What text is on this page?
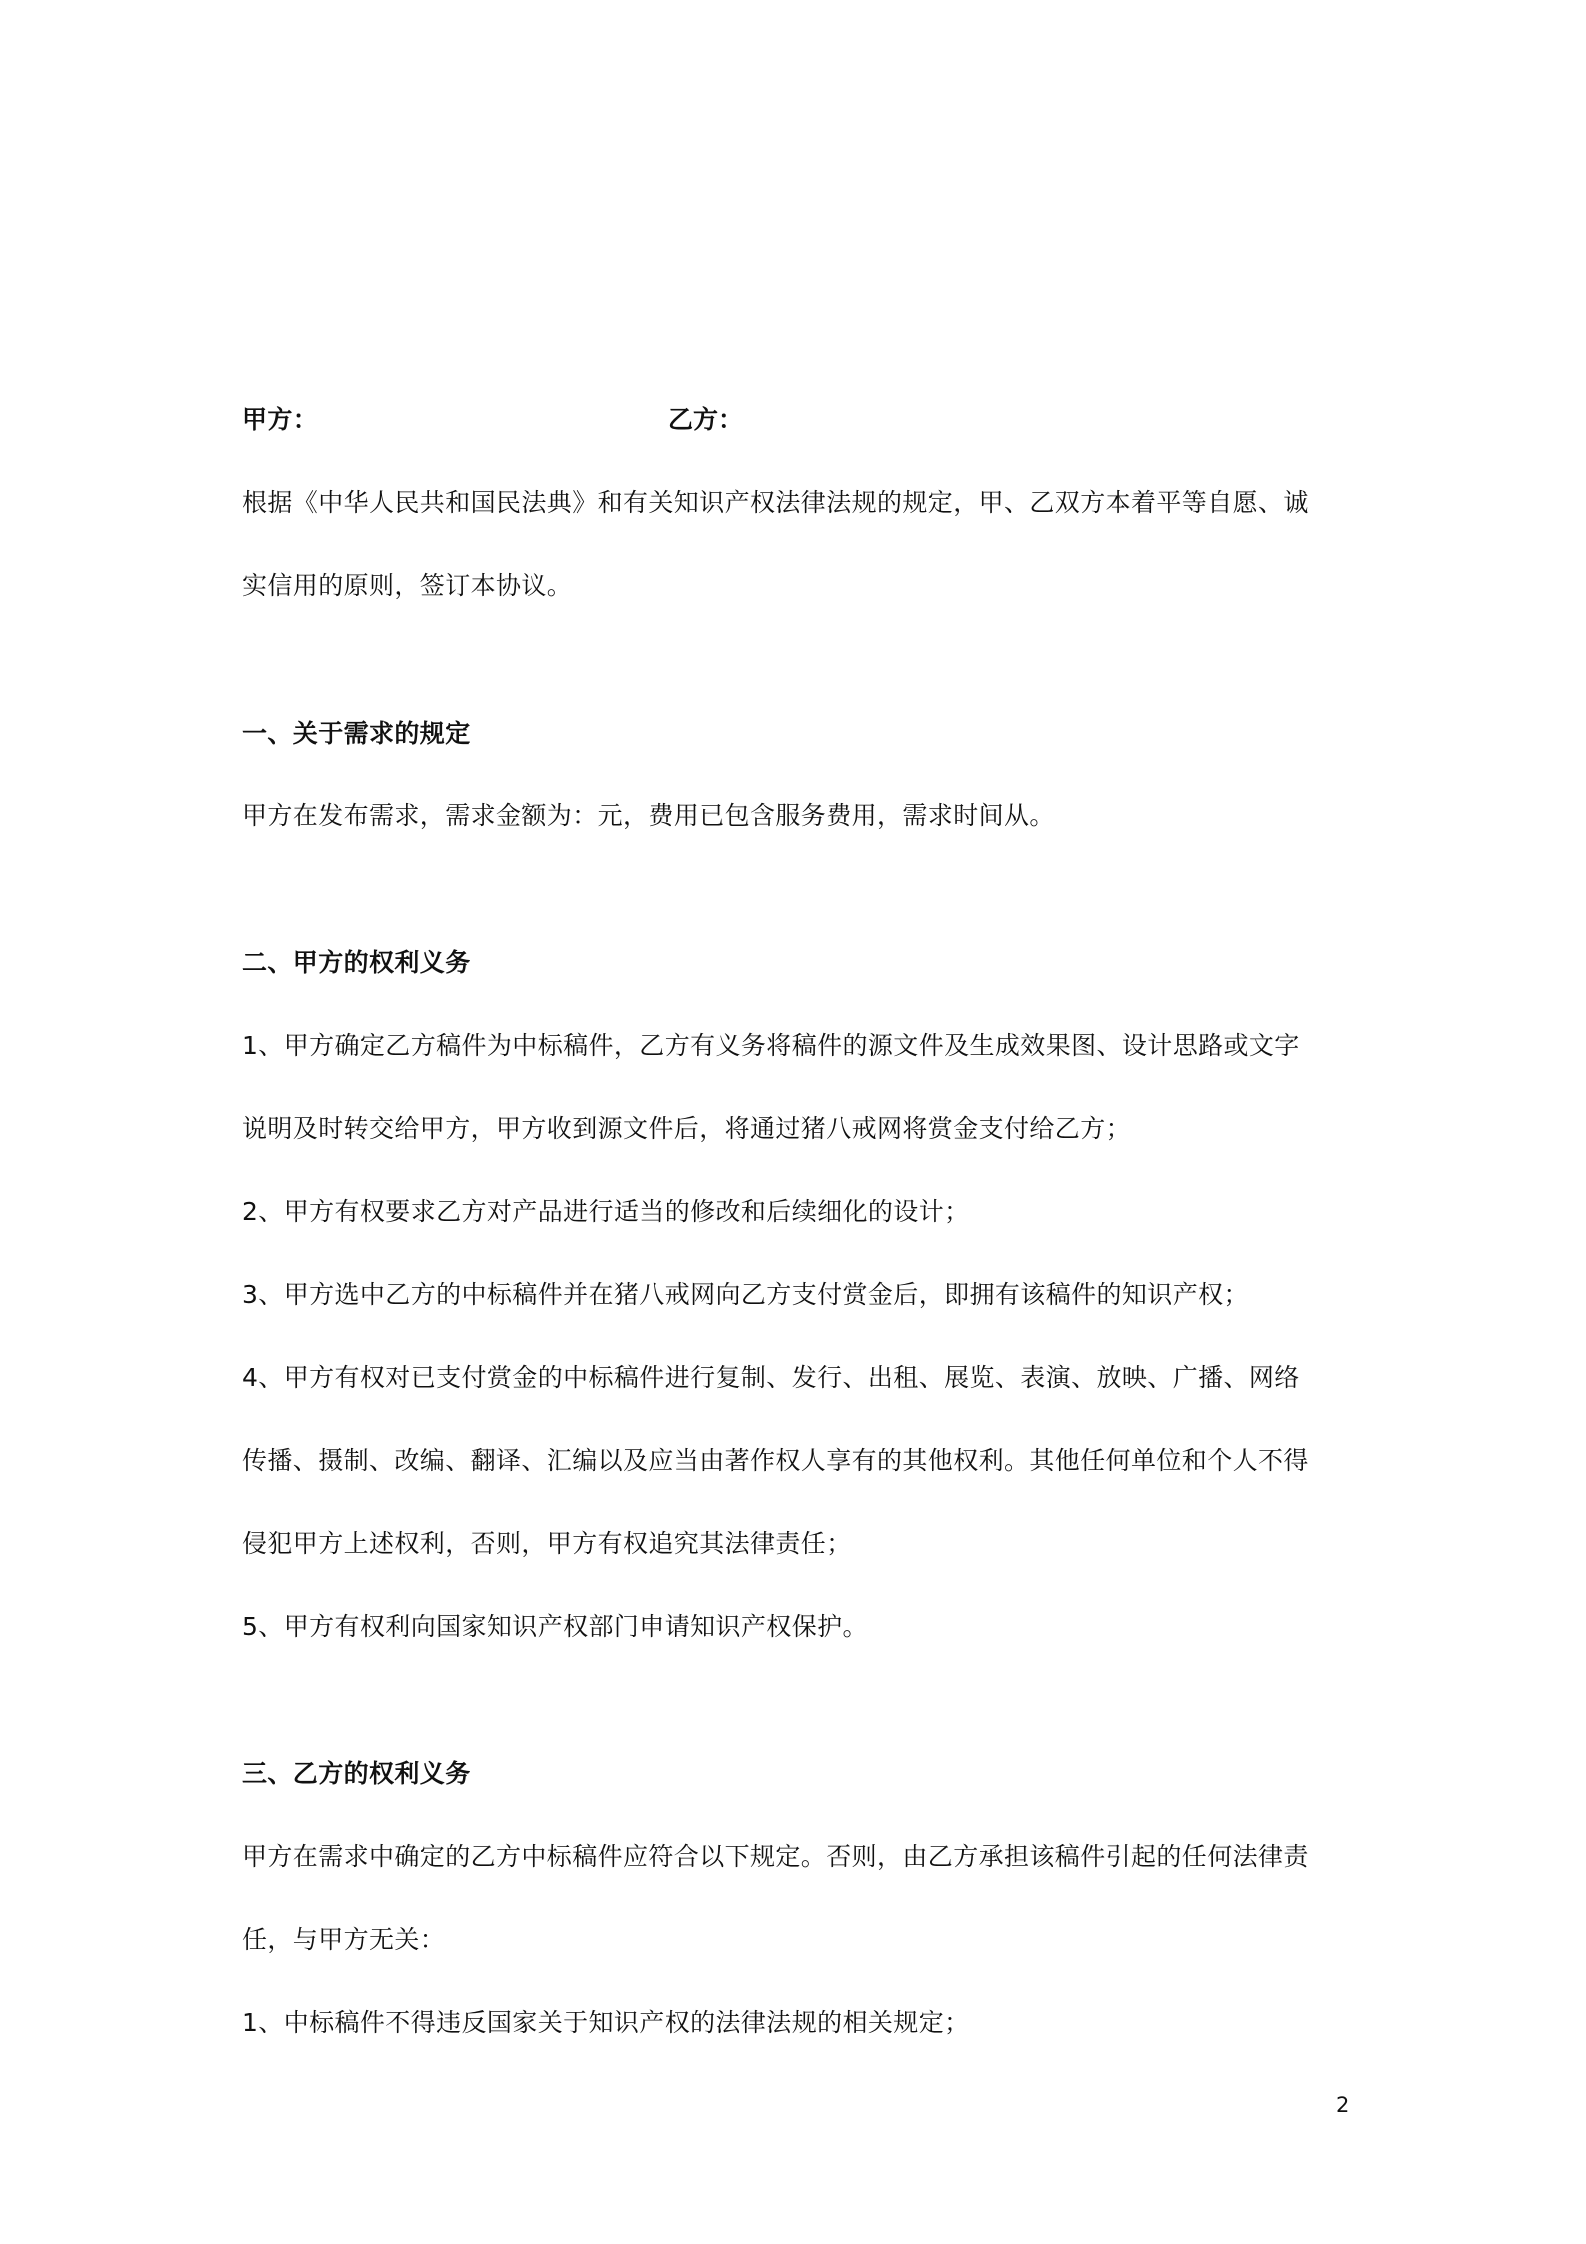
甲方：	乙方：
根据《中华人民共和国民法典》和有关知识产权法律法规的规定，甲、乙双方本着平等自愿、诚
实信用的原则，签订本协议。
一、关于需求的规定
甲方在发布需求，需求金额为：元，费用已包含服务费用，需求时间从。
二、甲方的权利义务
1、甲方确定乙方稿件为中标稿件，乙方有义务将稿件的源文件及生成效果图、设计思路或文字
说明及时转交给甲方，甲方收到源文件后，将通过猪八戒网将赏金支付给乙方；
2、甲方有权要求乙方对产品进行适当的修改和后续细化的设计；
3、甲方选中乙方的中标稿件并在猪八戒网向乙方支付赏金后，即拥有该稿件的知识产权；
4、甲方有权对已支付赏金的中标稿件进行复制、发行、出租、展览、表演、放映、广播、网络
传播、摄制、改编、翻译、汇编以及应当由著作权人享有的其他权利。其他任何单位和个人不得
侵犯甲方上述权利，否则，甲方有权追究其法律责任；
5、甲方有权利向国家知识产权部门申请知识产权保护。
三、乙方的权利义务
甲方在需求中确定的乙方中标稿件应符合以下规定。否则，由乙方承担该稿件引起的任何法律责
任，与甲方无关：
1、中标稿件不得违反国家关于知识产权的法律法规的相关规定；
2
